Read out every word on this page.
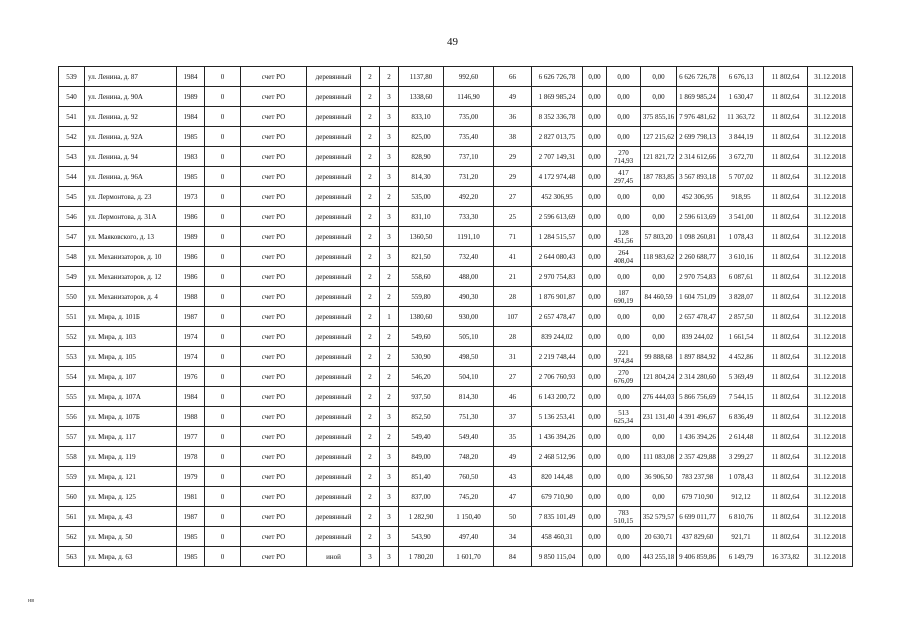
49
539	ул. Ленина, д. 87	1984	0	счет РО	деревянный	2	2	1137,80	992,60	66	6 626 726,78	0,00	0,00	0,00	6 626 726,78	6 676,13	11 802,64	31.12.2018
540	ул. Ленина, д. 90А	1989	0	счет РО	деревянный	2	3	1338,60	1146,90	49	1 869 985,24	0,00	0,00	0,00	1 869 985,24	1 630,47	11 802,64	31.12.2018
541	ул. Ленина, д. 92	1984	0	счет РО	деревянный	2	3	833,10	735,00	36	8 352 336,78	0,00	0,00	375 855,16	7 976 481,62	11 363,72	11 802,64	31.12.2018
542	ул. Ленина, д. 92А	1985	0	счет РО	деревянный	2	3	825,00	735,40	38	2 827 013,75	0,00	0,00	127 215,62	2 699 798,13	3 844,19	11 802,64	31.12.2018
543	ул. Ленина, д. 94	1983	0	счет РО	деревянный	2	3	828,90	737,10	29	2 707 149,31	0,00	270 714,93	121 821,72	2 314 612,66	3 672,70	11 802,64	31.12.2018
544	ул. Ленина, д. 96А	1985	0	счет РО	деревянный	2	3	814,30	731,20	29	4 172 974,48	0,00	417 297,45	187 783,85	3 567 893,18	5 707,02	11 802,64	31.12.2018
545	ул. Лермонтова, д. 23	1973	0	счет РО	деревянный	2	2	535,00	492,20	27	452 306,95	0,00	0,00	0,00	452 306,95	918,95	11 802,64	31.12.2018
546	ул. Лермонтова, д. 31А	1986	0	счет РО	деревянный	2	3	831,10	733,30	25	2 596 613,69	0,00	0,00	0,00	2 596 613,69	3 541,00	11 802,64	31.12.2018
547	ул. Маяковского, д. 13	1989	0	счет РО	деревянный	2	3	1360,50	1191,10	71	1 284 515,57	0,00	128 451,56	57 803,20	1 098 260,81	1 078,43	11 802,64	31.12.2018
548	ул. Механизаторов, д. 10	1986	0	счет РО	деревянный	2	3	821,50	732,40	41	2 644 080,43	0,00	264 408,04	118 983,62	2 260 688,77	3 610,16	11 802,64	31.12.2018
549	ул. Механизаторов, д. 12	1986	0	счет РО	деревянный	2	2	558,60	488,00	21	2 970 754,83	0,00	0,00	0,00	2 970 754,83	6 087,61	11 802,64	31.12.2018
550	ул. Механизаторов, д. 4	1988	0	счет РО	деревянный	2	2	559,80	490,30	28	1 876 901,87	0,00	187 690,19	84 460,59	1 604 751,09	3 828,07	11 802,64	31.12.2018
551	ул. Мира, д. 101Б	1987	0	счет РО	деревянный	2	1	1380,60	930,00	107	2 657 478,47	0,00	0,00	0,00	2 657 478,47	2 857,50	11 802,64	31.12.2018
552	ул. Мира, д. 103	1974	0	счет РО	деревянный	2	2	549,60	505,10	28	839 244,02	0,00	0,00	0,00	839 244,02	1 661,54	11 802,64	31.12.2018
553	ул. Мира, д. 105	1974	0	счет РО	деревянный	2	2	530,90	498,50	31	2 219 748,44	0,00	221 974,84	99 888,68	1 897 884,92	4 452,86	11 802,64	31.12.2018
554	ул. Мира, д. 107	1976	0	счет РО	деревянный	2	2	546,20	504,10	27	2 706 760,93	0,00	270 676,09	121 804,24	2 314 280,60	5 369,49	11 802,64	31.12.2018
555	ул. Мира, д. 107А	1984	0	счет РО	деревянный	2	2	937,50	814,30	46	6 143 200,72	0,00	0,00	276 444,03	5 866 756,69	7 544,15	11 802,64	31.12.2018
556	ул. Мира, д. 107Б	1988	0	счет РО	деревянный	2	3	852,50	751,30	37	5 136 253,41	0,00	513 625,34	231 131,40	4 391 496,67	6 836,49	11 802,64	31.12.2018
557	ул. Мира, д. 117	1977	0	счет РО	деревянный	2	2	549,40	549,40	35	1 436 394,26	0,00	0,00	0,00	1 436 394,26	2 614,48	11 802,64	31.12.2018
558	ул. Мира, д. 119	1978	0	счет РО	деревянный	2	3	849,00	748,20	49	2 468 512,96	0,00	0,00	111 083,08	2 357 429,88	3 299,27	11 802,64	31.12.2018
559	ул. Мира, д. 121	1979	0	счет РО	деревянный	2	3	851,40	760,50	43	820 144,48	0,00	0,00	36 906,50	783 237,98	1 078,43	11 802,64	31.12.2018
560	ул. Мира, д. 125	1981	0	счет РО	деревянный	2	3	837,00	745,20	47	679 710,90	0,00	0,00	0,00	679 710,90	912,12	11 802,64	31.12.2018
561	ул. Мира, д. 43	1987	0	счет РО	деревянный	2	3	1 282,90	1 150,40	50	7 835 101,49	0,00	783 510,15	352 579,57	6 699 011,77	6 810,76	11 802,64	31.12.2018
562	ул. Мира, д. 50	1985	0	счет РО	деревянный	2	3	543,90	497,40	34	458 460,31	0,00	0,00	20 630,71	437 829,60	921,71	11 802,64	31.12.2018
563	ул. Мира, д. 63	1985	0	счет РО	иной	3	3	1 780,20	1 601,70	84	9 850 115,04	0,00	0,00	443 255,18	9 406 859,86	6 149,79	16 373,82	31.12.2018
нв
